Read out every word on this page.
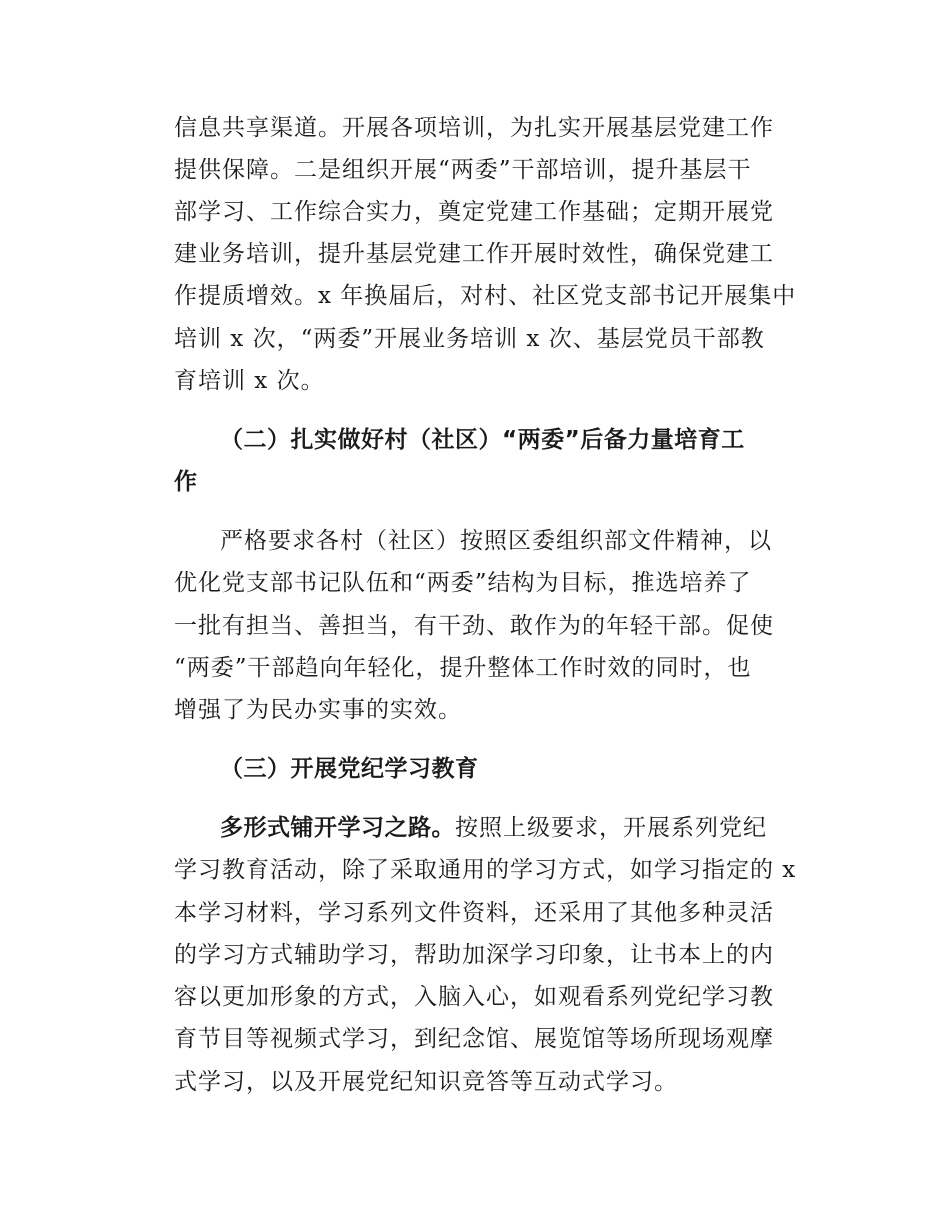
信息共享渠道。开展各项培训，为扎实开展基层党建工作
提供保障。二是组织开展“两委”干部培训，提升基层干
部学习、工作综合实力，奠定党建工作基础；定期开展党
建业务培训，提升基层党建工作开展时效性，确保党建工
作提质增效。x 年换届后，对村、社区党支部书记开展集中
培训 x 次，“两委”开展业务培训 x 次、基层党员干部教
育培训 x 次。
（二）扎实做好村（社区）“两委”后备力量培育工
作
严格要求各村（社区）按照区委组织部文件精神，以
优化党支部书记队伍和“两委”结构为目标，推选培养了
一批有担当、善担当，有干劲、敢作为的年轻干部。促使
“两委”干部趋向年轻化，提升整体工作时效的同时，也
增强了为民办实事的实效。
（三）开展党纪学习教育
多形式铺开学习之路。按照上级要求，开展系列党纪
学习教育活动，除了采取通用的学习方式，如学习指定的 x
本学习材料，学习系列文件资料，还采用了其他多种灵活
的学习方式辅助学习，帮助加深学习印象，让书本上的内
容以更加形象的方式，入脑入心，如观看系列党纪学习教
育节目等视频式学习，到纪念馆、展览馆等场所现场观摩
式学习，以及开展党纪知识竞答等互动式学习。
